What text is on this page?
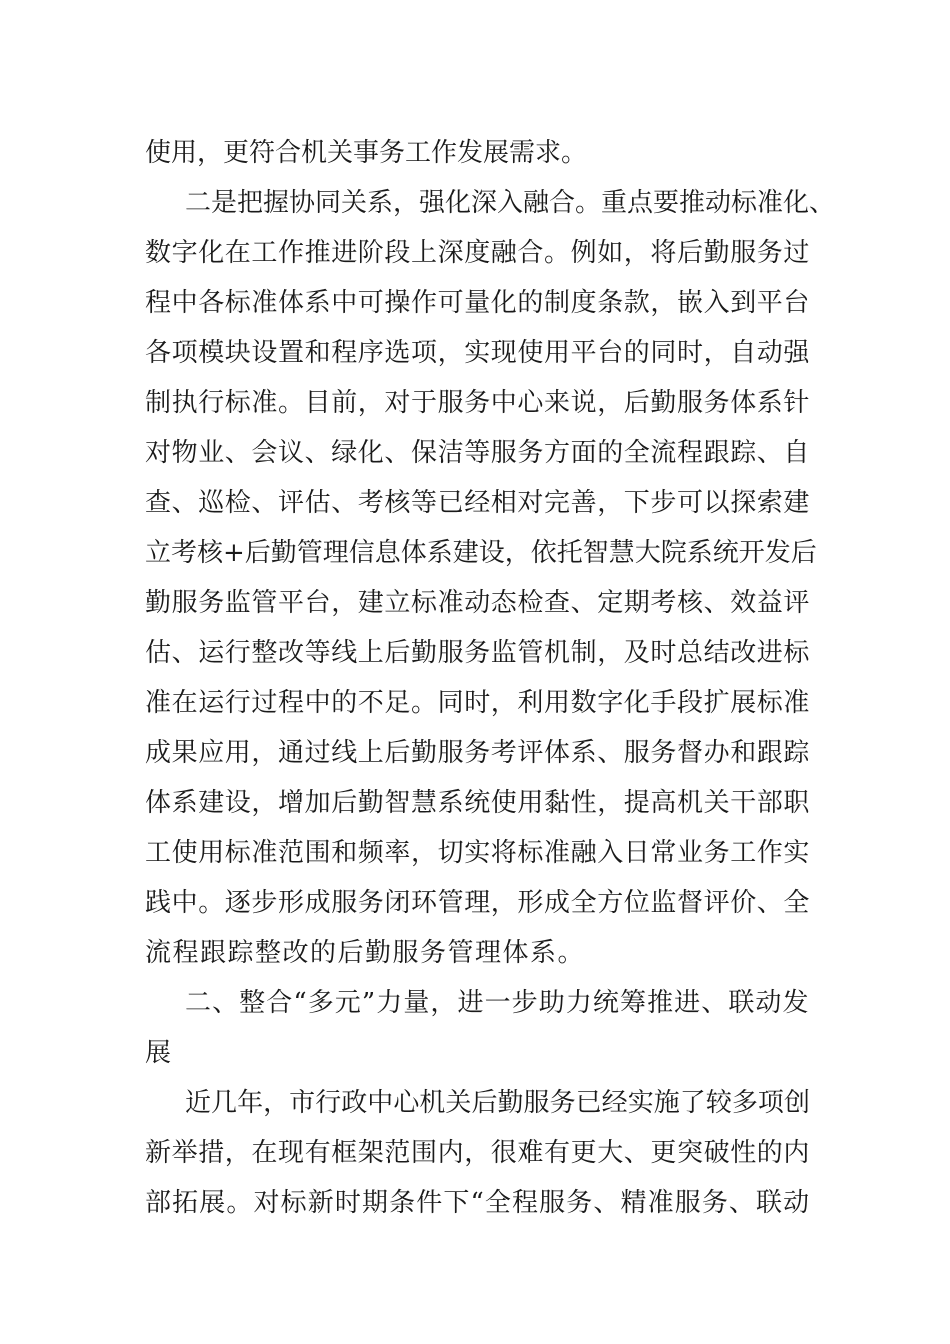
使用，更符合机关事务工作发展需求。
二是把握协同关系，强化深入融合。重点要推动标准化、
数字化在工作推进阶段上深度融合。例如，将后勤服务过
程中各标准体系中可操作可量化的制度条款，嵌入到平台
各项模块设置和程序选项，实现使用平台的同时，自动强
制执行标准。目前，对于服务中心来说，后勤服务体系针
对物业、会议、绿化、保洁等服务方面的全流程跟踪、自
查、巡检、评估、考核等已经相对完善，下步可以探索建
立考核+后勤管理信息体系建设，依托智慧大院系统开发后
勤服务监管平台，建立标准动态检查、定期考核、效益评
估、运行整改等线上后勤服务监管机制，及时总结改进标
准在运行过程中的不足。同时，利用数字化手段扩展标准
成果应用，通过线上后勤服务考评体系、服务督办和跟踪
体系建设，增加后勤智慧系统使用黏性，提高机关干部职
工使用标准范围和频率，切实将标准融入日常业务工作实
践中。逐步形成服务闭环管理，形成全方位监督评价、全
流程跟踪整改的后勤服务管理体系。
二、整合“多元”力量，进一步助力统筹推进、联动发
展
近几年，市行政中心机关后勤服务已经实施了较多项创
新举措，在现有框架范围内，很难有更大、更突破性的内
部拓展。对标新时期条件下“全程服务、精准服务、联动
